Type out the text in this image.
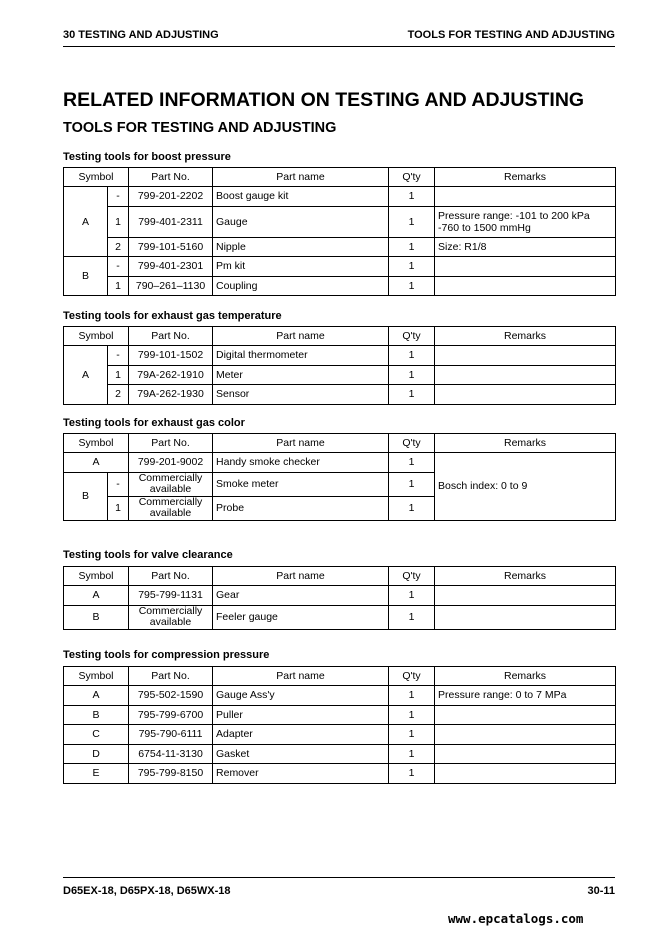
30 TESTING AND ADJUSTING	TOOLS FOR TESTING AND ADJUSTING
RELATED INFORMATION ON TESTING AND ADJUSTING
TOOLS FOR TESTING AND ADJUSTING
Testing tools for boost pressure
Symbol		Part No.	Part name	Q'ty	Remarks
A	-	799-201-2202	Boost gauge kit	1	
	1	799-401-2311	Gauge	1	Pressure range: -101 to 200 kPa -760 to 1500 mmHg
	2	799-101-5160	Nipple	1	Size: R1/8
B	-	799-401-2301	Pm kit	1	
	1	790–261–1130	Coupling	1	
Testing tools for exhaust gas temperature
Symbol		Part No.	Part name	Q'ty	Remarks
A	-	799-101-1502	Digital thermometer	1	
	1	79A-262-1910	Meter	1	
	2	79A-262-1930	Sensor	1	
Testing tools for exhaust gas color
Symbol		Part No.	Part name	Q'ty	Remarks
A		799-201-9002	Handy smoke checker	1	Bosch index: 0 to 9
B	-	Commercially available	Smoke meter	1	
	1	Commercially available	Probe	1	
Testing tools for valve clearance
Symbol	Part No.	Part name	Q'ty	Remarks
A	795-799-1131	Gear	1	
B	Commercially available	Feeler gauge	1	
Testing tools for compression pressure
Symbol	Part No.	Part name	Q'ty	Remarks
A	795-502-1590	Gauge Ass'y	1	Pressure range: 0 to 7 MPa
B	795-799-6700	Puller	1	
C	795-790-6111	Adapter	1	
D	6754-11-3130	Gasket	1	
E	795-799-8150	Remover	1	
D65EX-18, D65PX-18, D65WX-18	30-11
www.epcatalogs.com
